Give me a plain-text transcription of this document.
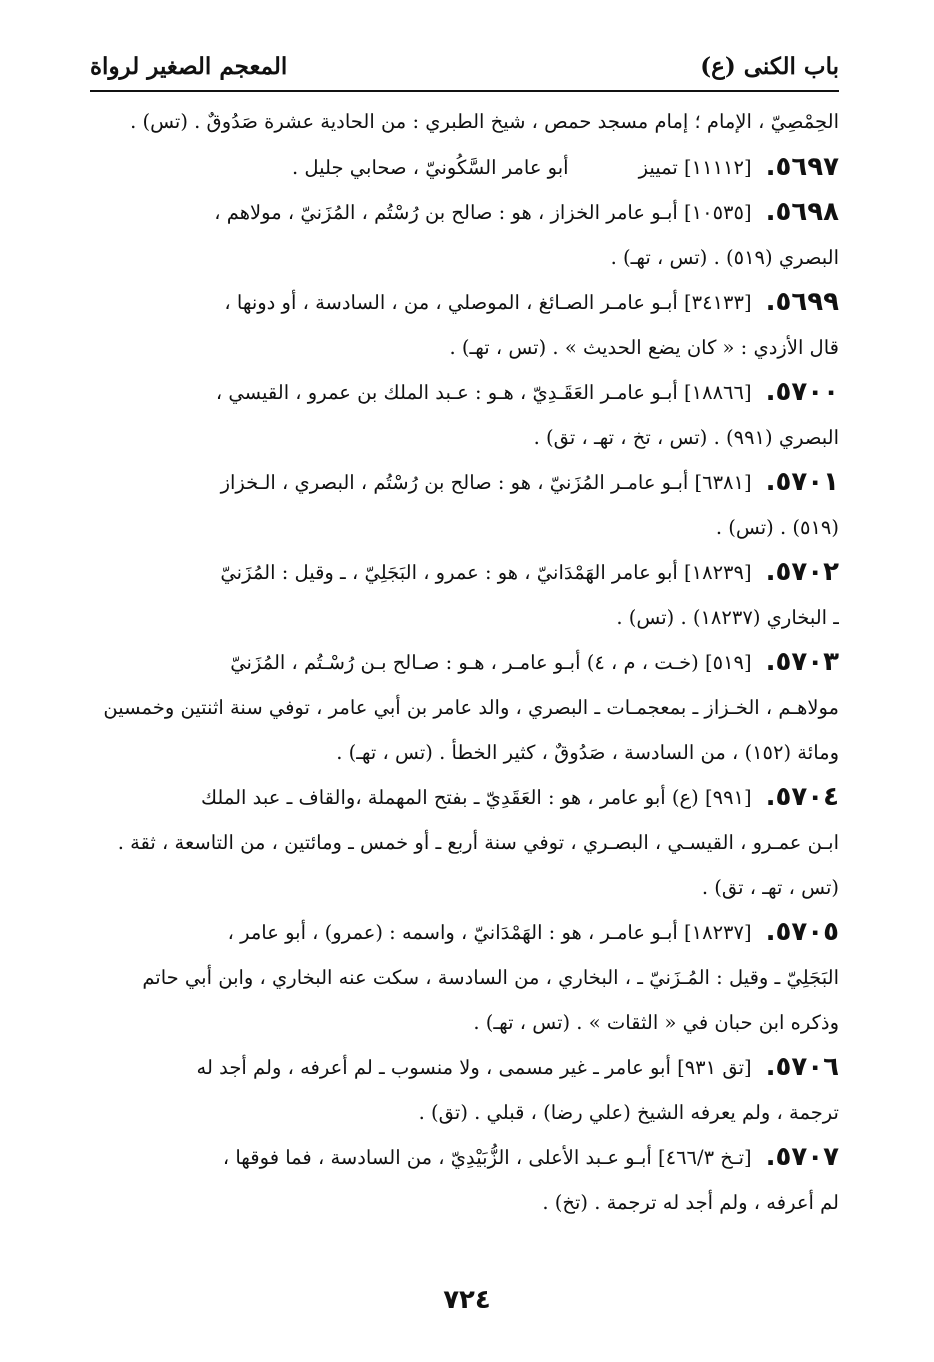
باب الكنى (ع)
المعجم الصغير لرواة
الحِمْصِيّ ، الإمام ؛ إمام مسجد حمص ، شيخ الطبري : من الحادية عشرة صَدُوقٌ . (تس) .
٥٦٩٧.[١١١١٢] تمييزأبو عامر السَّكُونيّ ، صحابي جليل .
٥٦٩٨.[١٠٥٣٥] أبـو عامر الخزاز ، هو : صالح بن رُسْتُم ، المُزَنيّ ، مولاهم ،
البصري (٥١٩) . (تس ، تهـ) .
٥٦٩٩.[٣٤١٣٣] أبـو عامـر الصـائغ ، الموصلي ، من ، السادسة ، أو دونها ،
قال الأزدي : « كان يضع الحديث » . (تس ، تهـ) .
٥٧٠٠.[١٨٨٦٦] أبـو عامـر العَقَـدِيّ ، هـو : عـبد الملك بن عمرو ، القيسي ،
البصري (٩٩١) . (تس ، تخ ، تهـ ، تق) .
٥٧٠١.[٦٣٨١] أبـو عامـر المُزَنيّ ، هو : صالح بن رُسْتُم ، البصري ، الـخزاز
(٥١٩) . (تس) .
٥٧٠٢.[١٨٢٣٩] أبو عامر الهَمْدَانيّ ، هو : عمرو ، البَجَلِيّ ، ـ وقيل : المُزَنيّ
ـ البخاري (١٨٢٣٧) . (تس) .
٥٧٠٣.[٥١٩] (خـت ، م ، ٤) أبـو عامـر ، هـو : صـالح بـن رُسْـتُم ، المُزَنيّ
مولاهـم ، الخـزاز ـ بمعجمـات ـ البصري ، والد عامر بن أبي عامر ، توفي سنة اثنتين وخمسين
ومائة (١٥٢) ، من السادسة ، صَدُوقٌ ، كثير الخطأ . (تس ، تهـ) .
٥٧٠٤.[٩٩١] (ع) أبو عامر ، هو : العَقَدِيّ ـ بفتح المهملة ،والقاف ـ عبد الملك
ابـن عمـرو ، القيسـي ، البصـري ، توفي سنة أربع ـ أو خمس ـ ومائتين ، من التاسعة ، ثقة .
(تس ، تهـ ، تق) .
٥٧٠٥.[١٨٢٣٧] أبـو عامـر ، هو : الهَمْدَانيّ ، واسمه : (عمرو) ، أبو عامر ،
البَجَلِيّ ـ وقيل : المُـزَنيّ ـ ، البخاري ، من السادسة ، سكت عنه البخاري ، وابن أبي حاتم
وذكره ابن حبان في « الثقات » . (تس ، تهـ) .
٥٧٠٦.[تق ٩٣١] أبو عامر ـ غير مسمى ، ولا منسوب ـ لم أعرفه ، ولم أجد له
ترجمة ، ولم يعرفه الشيخ (علي رضا) ، قبلي . (تق) .
٥٧٠٧.[تـخ ٤٦٦/٣] أبـو عـبد الأعلى ، الزُّبَيْدِيّ ، من السادسة ، فما فوقها ،
لم أعرفه ، ولم أجد له ترجمة . (تخ) .
٧٢٤
